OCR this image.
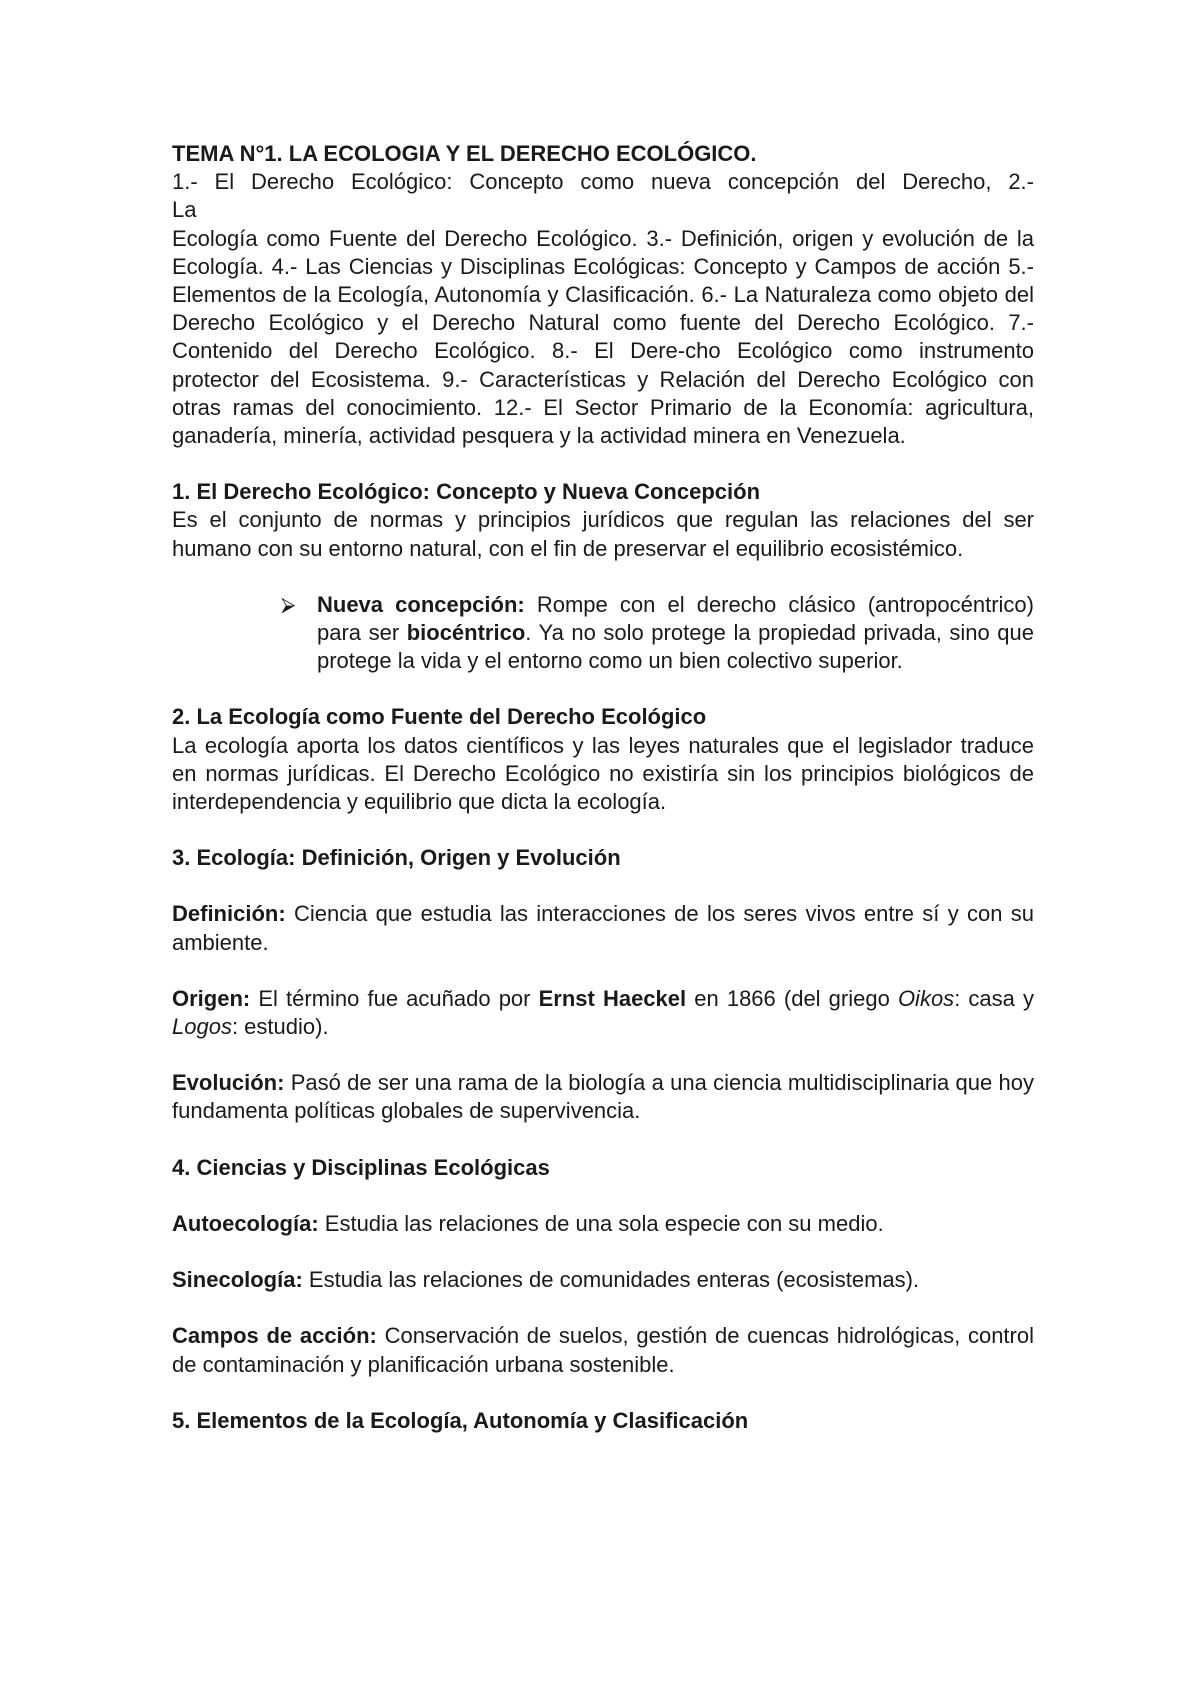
TEMA N°1. LA ECOLOGIA Y EL DERECHO ECOLÓGICO.

1.- El Derecho Ecológico: Concepto como nueva concepción del Derecho, 2.-

La

Ecología como Fuente del Derecho Ecológico. 3.- Definición, origen y evolución de la Ecología. 4.- Las Ciencias y Disciplinas Ecológicas: Concepto y Campos de acción 5.- Elementos de la Ecología, Autonomía y Clasificación. 6.- La Naturaleza como objeto del Derecho Ecológico y el Derecho Natural como fuente del Derecho Ecológico. 7.- Contenido del Derecho Ecológico. 8.- El Dere-cho Ecológico como instrumento protector del Ecosistema. 9.- Características y Relación del Derecho Ecológico con otras ramas del conocimiento. 12.- El Sector Primario de la Economía: agricultura, ganadería, minería, actividad pesquera y la actividad minera en Venezuela.

1. El Derecho Ecológico: Concepto y Nueva Concepción

Es el conjunto de normas y principios jurídicos que regulan las relaciones del ser humano con su entorno natural, con el fin de preservar el equilibrio ecosistémico.

⮚ Nueva concepción: Rompe con el derecho clásico (antropocéntrico) para ser biocéntrico. Ya no solo protege la propiedad privada, sino que protege la vida y el entorno como un bien colectivo superior.

2. La Ecología como Fuente del Derecho Ecológico

La ecología aporta los datos científicos y las leyes naturales que el legislador traduce en normas jurídicas. El Derecho Ecológico no existiría sin los principios biológicos de interdependencia y equilibrio que dicta la ecología.

3. Ecología: Definición, Origen y Evolución

Definición: Ciencia que estudia las interacciones de los seres vivos entre sí y con su ambiente.

Origen: El término fue acuñado por Ernst Haeckel en 1866 (del griego Oikos: casa y Logos: estudio).

Evolución: Pasó de ser una rama de la biología a una ciencia multidisciplinaria que hoy fundamenta políticas globales de supervivencia.

4. Ciencias y Disciplinas Ecológicas

Autoecología: Estudia las relaciones de una sola especie con su medio.

Sinecología: Estudia las relaciones de comunidades enteras (ecosistemas).

Campos de acción: Conservación de suelos, gestión de cuencas hidrológicas, control de contaminación y planificación urbana sostenible.

5. Elementos de la Ecología, Autonomía y Clasificación
